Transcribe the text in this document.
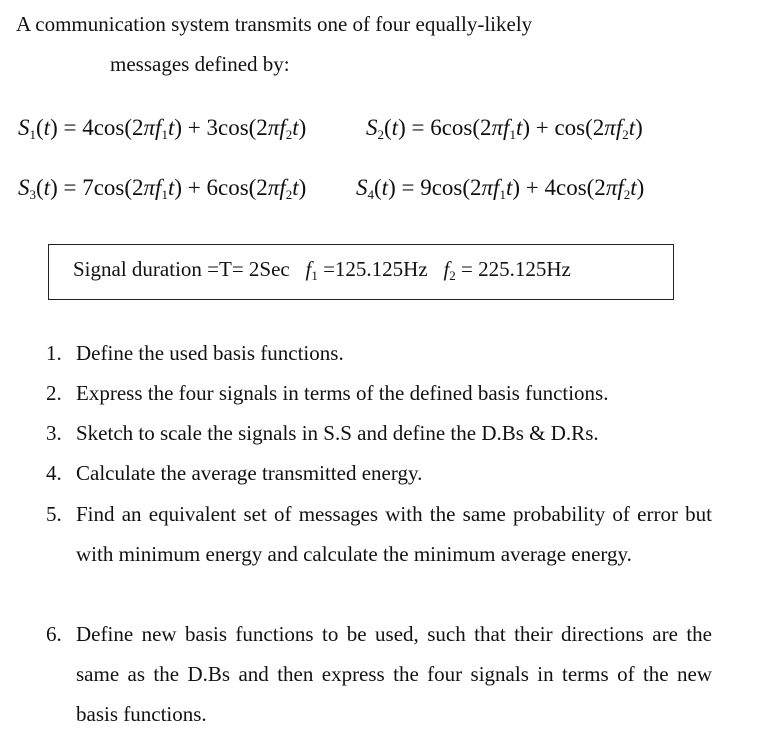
A communication system transmits one of four equally-likely
messages defined by:
$S_1(t) = 4\cos(2\pi f_1t) + 3\cos(2\pi f_2t)$	$S_2(t) = 6\cos(2\pi f_1t) + \cos(2\pi f_2t)$
$S_3(t) = 7\cos(2\pi f_1t) + 6\cos(2\pi f_2t) S_4(t) = 9\cos(2\pi f_1t) + 4\cos(2\pi f_2t)$
Signal duration =T= 2Sec $f_1 =125.125Hz$ $f_2 = 225.125Hz$
1. Define the used basis functions.
2. Express the four signals in terms of the defined basis functions.
3. Sketch to scale the signals in S.S and define the D.Bs & D.Rs.
4. Calculate the average transmitted energy.
5. Find an equivalent set of messages with the same probability of error but with minimum energy and calculate the minimum average energy.
6. Define new basis functions to be used, such that their directions are the same as the D.Bs and then express the four signals in terms of the new basis functions.
